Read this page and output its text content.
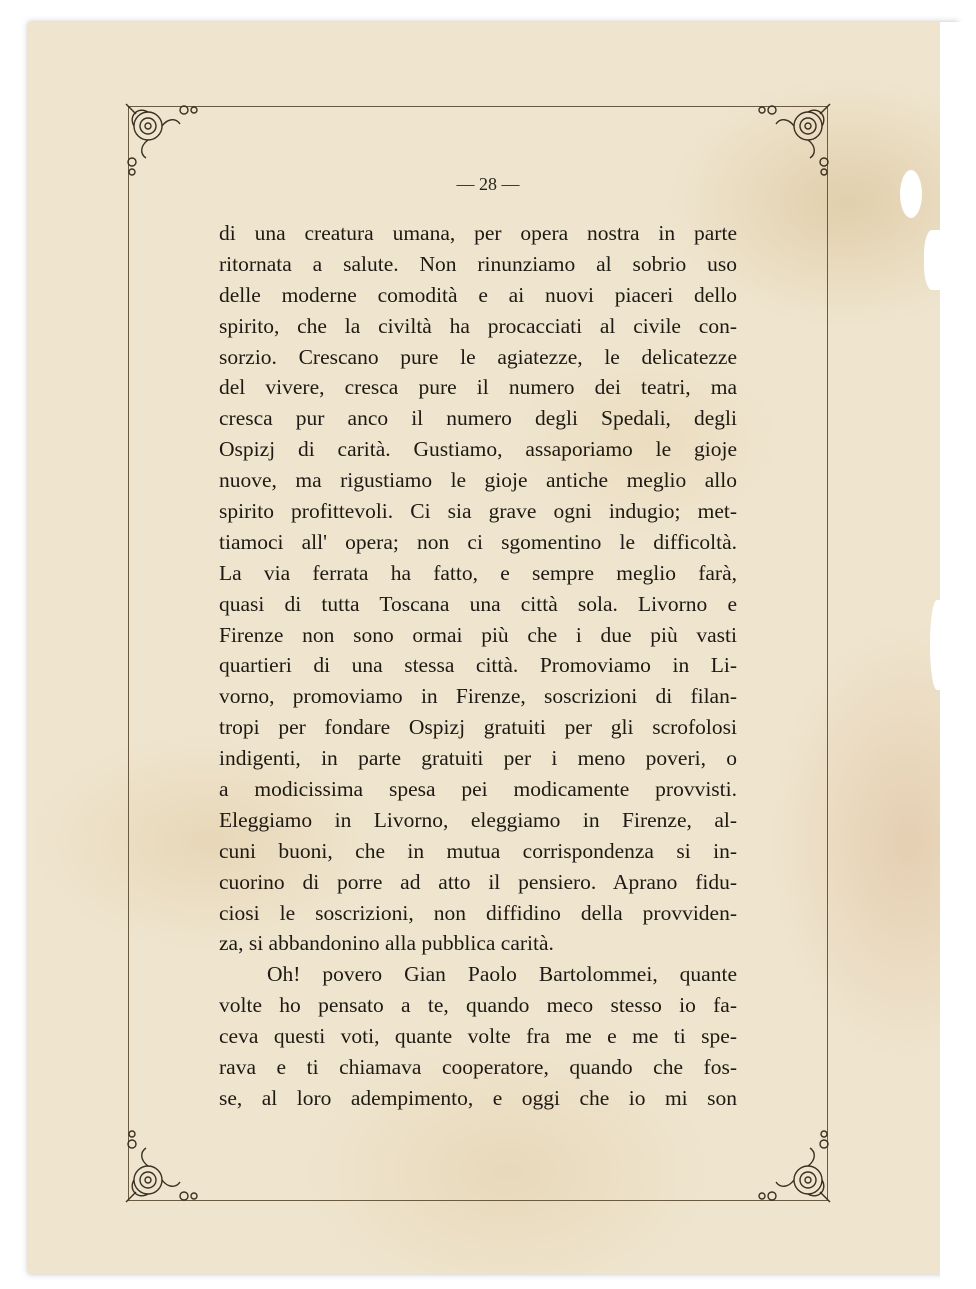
— 28 —
di una creatura umana, per opera nostra in parte
ritornata a salute. Non rinunziamo al sobrio uso
delle moderne comodità e ai nuovi piaceri dello
spirito, che la civiltà ha procacciati al civile con-
sorzio. Crescano pure le agiatezze, le delicatezze
del vivere, cresca pure il numero dei teatri, ma
cresca pur anco il numero degli Spedali, degli
Ospizj di carità. Gustiamo, assaporiamo le gioje
nuove, ma rigustiamo le gioje antiche meglio allo
spirito profittevoli. Ci sia grave ogni indugio; met-
tiamoci all' opera; non ci sgomentino le difficoltà.
La via ferrata ha fatto, e sempre meglio farà,
quasi di tutta Toscana una città sola. Livorno e
Firenze non sono ormai più che i due più vasti
quartieri di una stessa città. Promoviamo in Li-
vorno, promoviamo in Firenze, soscrizioni di filan-
tropi per fondare Ospizj gratuiti per gli scrofolosi
indigenti, in parte gratuiti per i meno poveri, o
a modicissima spesa pei modicamente provvisti.
Eleggiamo in Livorno, eleggiamo in Firenze, al-
cuni buoni, che in mutua corrispondenza si in-
cuorino di porre ad atto il pensiero. Aprano fidu-
ciosi le soscrizioni, non diffidino della provviden-
za, si abbandonino alla pubblica carità.
Oh! povero Gian Paolo Bartolommei, quante
volte ho pensato a te, quando meco stesso io fa-
ceva questi voti, quante volte fra me e me ti spe-
rava e ti chiamava cooperatore, quando che fos-
se, al loro adempimento, e oggi che io mi son
